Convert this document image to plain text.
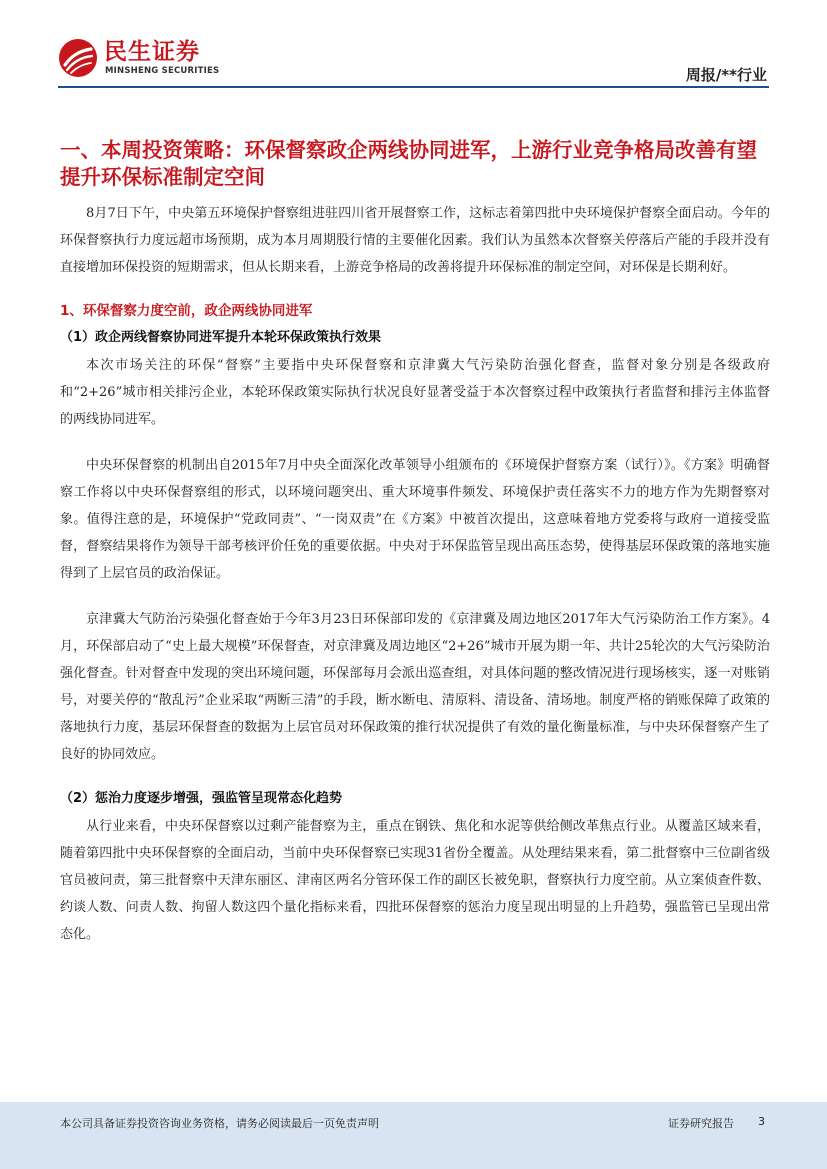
民生证券
MINSHENG SECURITIES	周报/**行业
一、本周投资策略：环保督察政企两线协同进军，上游行业竞争格局改善有望提升环保标准制定空间

8月7日下午，中央第五环境保护督察组进驻四川省开展督察工作，这标志着第四批中央环境保护督察全面启动。今年的环保督察执行力度远超市场预期，成为本月周期股行情的主要催化因素。我们认为虽然本次督察关停落后产能的手段并没有直接增加环保投资的短期需求，但从长期来看，上游竞争格局的改善将提升环保标准的制定空间，对环保是长期利好。

1、环保督察力度空前，政企两线协同进军
（1）政企两线督察协同进军提升本轮环保政策执行效果

本次市场关注的环保“督察”主要指中央环保督察和京津冀大气污染防治强化督查，监督对象分别是各级政府和“2+26”城市相关排污企业，本轮环保政策实际执行状况良好显著受益于本次督察过程中政策执行者监督和排污主体监督的两线协同进军。

中央环保督察的机制出自2015年7月中央全面深化改革领导小组颁布的《环境保护督察方案（试行）》。《方案》明确督察工作将以中央环保督察组的形式，以环境问题突出、重大环境事件频发、环境保护责任落实不力的地方作为先期督察对象。值得注意的是，环境保护“党政同责”、“一岗双责”在《方案》中被首次提出，这意味着地方党委将与政府一道接受监督，督察结果将作为领导干部考核评价任免的重要依据。中央对于环保监管呈现出高压态势，使得基层环保政策的落地实施得到了上层官员的政治保证。

京津冀大气防治污染强化督查始于今年3月23日环保部印发的《京津冀及周边地区2017年大气污染防治工作方案》。4月，环保部启动了“史上最大规模”环保督查，对京津冀及周边地区“2+26”城市开展为期一年、共计25轮次的大气污染防治强化督查。针对督查中发现的突出环境问题，环保部每月会派出巡查组，对具体问题的整改情况进行现场核实，逐一对账销号，对要关停的“散乱污”企业采取“两断三清”的手段，断水断电、清原料、清设备、清场地。制度严格的销账保障了政策的落地执行力度，基层环保督查的数据为上层官员对环保政策的推行状况提供了有效的量化衡量标准，与中央环保督察产生了良好的协同效应。

（2）惩治力度逐步增强，强监管呈现常态化趋势

从行业来看，中央环保督察以过剩产能督察为主，重点在钢铁、焦化和水泥等供给侧改革焦点行业。从覆盖区域来看，随着第四批中央环保督察的全面启动，当前中央环保督察已实现31省份全覆盖。从处理结果来看，第二批督察中三位副省级官员被问责，第三批督察中天津东丽区、津南区两名分管环保工作的副区长被免职，督察执行力度空前。从立案侦查件数、约谈人数、问责人数、拘留人数这四个量化指标来看，四批环保督察的惩治力度呈现出明显的上升趋势，强监管已呈现出常态化。

本公司具备证券投资咨询业务资格，请务必阅读最后一页免责声明	证券研究报告 3
